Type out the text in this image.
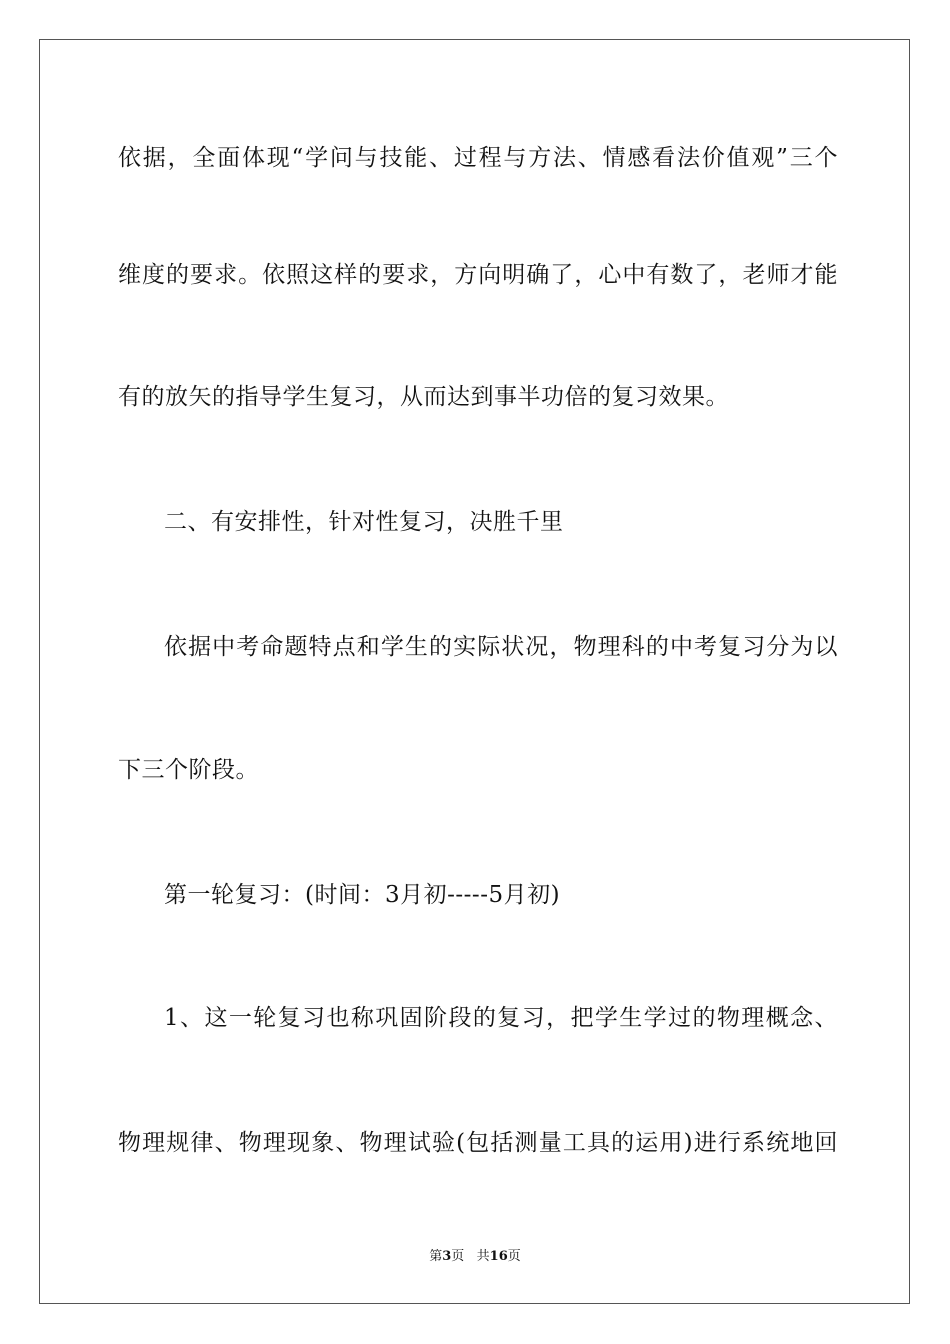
依据，全面体现“学问与技能、过程与方法、情感看法价值观”三个
维度的要求。依照这样的要求，方向明确了，心中有数了，老师才能
有的放矢的指导学生复习，从而达到事半功倍的复习效果。
二、有安排性，针对性复习，决胜千里
依据中考命题特点和学生的实际状况，物理科的中考复习分为以
下三个阶段。
第一轮复习：(时间：3月初-----5月初)
1、这一轮复习也称巩固阶段的复习，把学生学过的物理概念、
物理规律、物理现象、物理试验(包括测量工具的运用)进行系统地回
第3页   共16页
